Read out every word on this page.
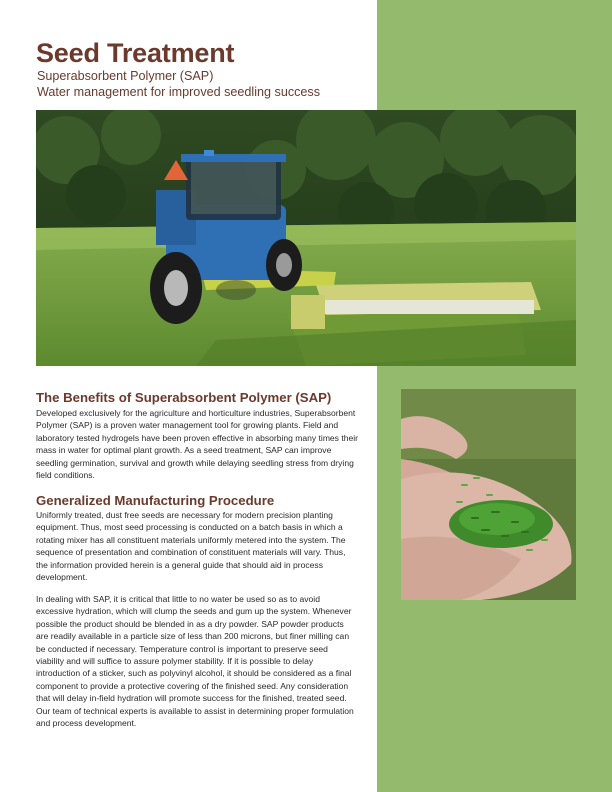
Seed Treatment

Superabsorbent Polymer (SAP)

Water management for improved seedling success

The Benefits of Superabsorbent Polymer (SAP)

Developed exclusively for the agriculture and horticulture industries, Superabsorbent Polymer (SAP) is a proven water management tool for growing plants. Field and laboratory tested hydrogels have been proven effective in absorbing many times their mass in water for optimal plant growth. As a seed treatment, SAP can improve seedling germination, survival and growth while delaying seedling stress from drying field conditions.

Generalized Manufacturing Procedure

Uniformly treated, dust free seeds are necessary for modern precision planting equipment. Thus, most seed processing is conducted on a batch basis in which a rotating mixer has all constituent materials uniformly metered into the system. The sequence of presentation and combination of constituent materials will vary. Thus, the information provided herein is a general guide that should aid in process development.

In dealing with SAP, it is critical that little to no water be used so as to avoid excessive hydration, which will clump the seeds and gum up the system. Whenever possible the product should be blended in as a dry powder. SAP powder products are readily available in a particle size of less than 200 microns, but finer milling can be conducted if necessary. Temperature control is important to preserve seed viability and will suffice to assure polymer stability. If it is possible to delay introduction of a sticker, such as polyvinyl alcohol, it should be considered as a final component to provide a protective covering of the finished seed. Any consideration that will delay in-field hydration will promote success for the finished, treated seed. Our team of technical experts is available to assist in determining proper formulation and process development.
